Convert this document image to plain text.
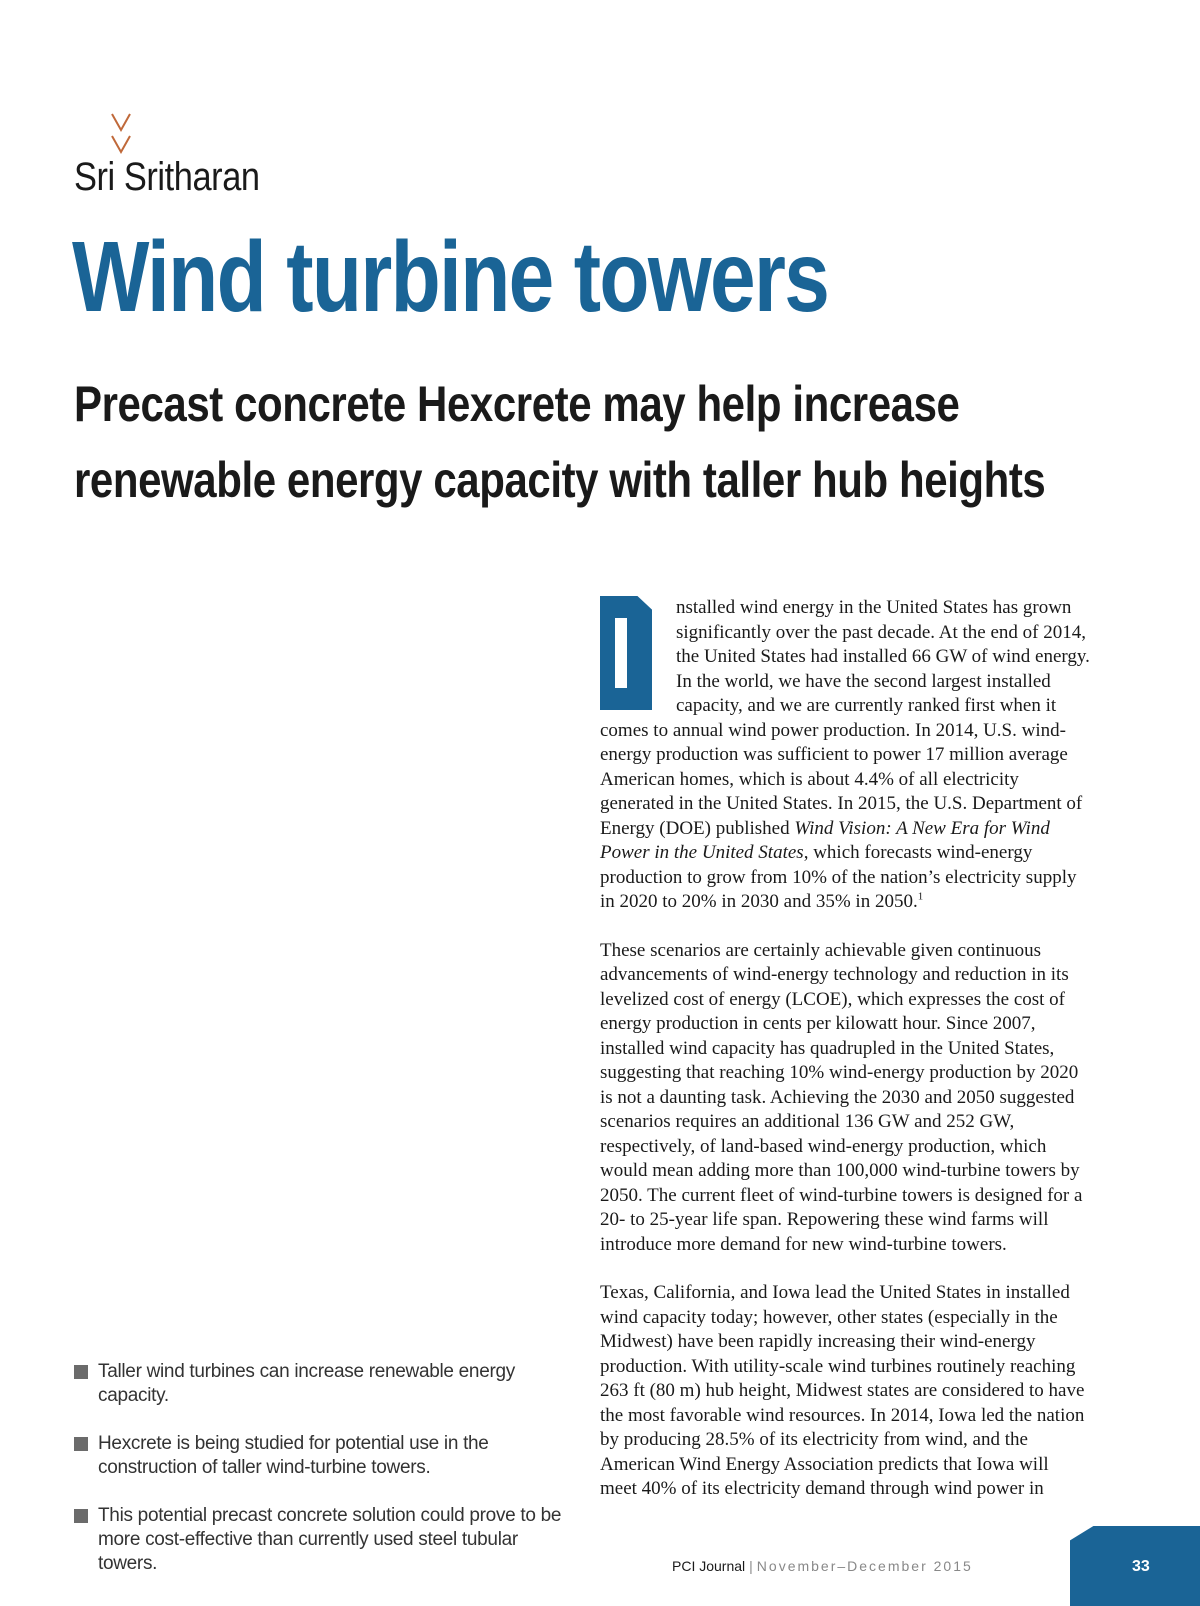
Sri Sritharan
Wind turbine towers
Precast concrete Hexcrete may help increase
renewable energy capacity with taller hub heights

nstalled wind energy in the United States has grown significantly over the past decade. At the end of 2014, the United States had installed 66 GW of wind energy. In the world, we have the second largest installed capacity, and we are currently ranked first when it comes to annual wind power production. In 2014, U.S. wind-energy production was sufficient to power 17 million average American homes, which is about 4.4% of all electricity generated in the United States. In 2015, the U.S. Department of Energy (DOE) published Wind Vision: A New Era for Wind Power in the United States, which forecasts wind-energy production to grow from 10% of the nation’s electricity supply in 2020 to 20% in 2030 and 35% in 2050.$^1$

These scenarios are certainly achievable given continuous advancements of wind-energy technology and reduction in its levelized cost of energy (LCOE), which expresses the cost of energy production in cents per kilowatt hour. Since 2007, installed wind capacity has quadrupled in the United States, suggesting that reaching 10% wind-energy production by 2020 is not a daunting task. Achieving the 2030 and 2050 suggested scenarios requires an additional 136 GW and 252 GW, respectively, of land-based wind-energy production, which would mean adding more than 100,000 wind-turbine towers by 2050. The current fleet of wind-turbine towers is designed for a 20- to 25-year life span. Repowering these wind farms will introduce more demand for new wind-turbine towers.

Texas, California, and Iowa lead the United States in installed wind capacity today; however, other states (especially in the Midwest) have been rapidly increasing their wind-energy production. With utility-scale wind turbines routinely reaching 263 ft (80 m) hub height, Midwest states are considered to have the most favorable wind resources. In 2014, Iowa led the nation by producing 28.5% of its electricity from wind, and the American Wind Energy Association predicts that Iowa will meet 40% of its electricity demand through wind power in

Taller wind turbines can increase renewable energy capacity.
Hexcrete is being studied for potential use in the construction of taller wind-turbine towers.
This potential precast concrete solution could prove to be more cost-effective than currently used steel tubular towers.	PCI Journal | November–December 2015	33
